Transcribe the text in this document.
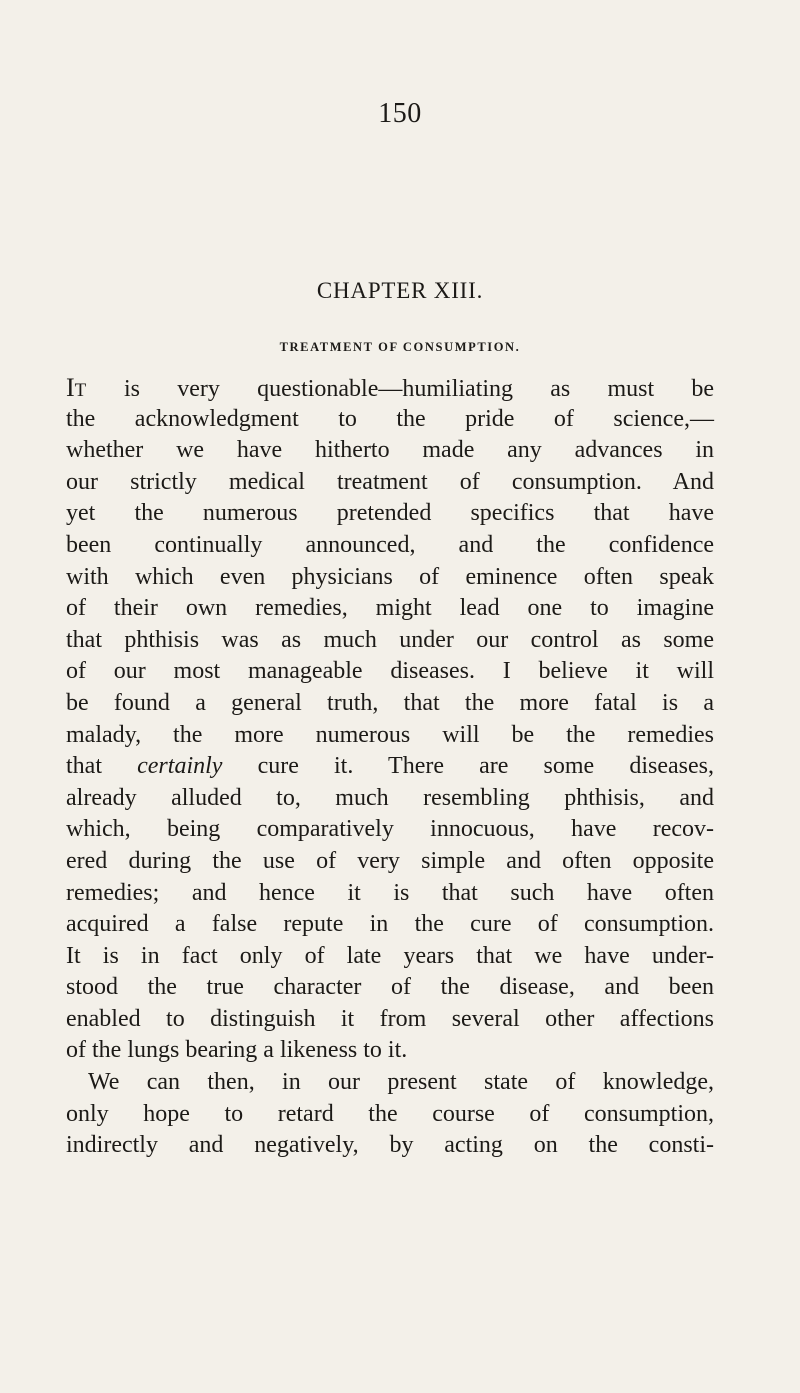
150
CHAPTER XIII.
TREATMENT OF CONSUMPTION.
IT is very questionable—humiliating as must be
the acknowledgment to the pride of science,—
whether we have hitherto made any advances in
our strictly medical treatment of consumption. And
yet the numerous pretended specifics that have
been continually announced, and the confidence
with which even physicians of eminence often speak
of their own remedies, might lead one to imagine
that phthisis was as much under our control as some
of our most manageable diseases. I believe it will
be found a general truth, that the more fatal is a
malady, the more numerous will be the remedies
that certainly cure it. There are some diseases,
already alluded to, much resembling phthisis, and
which, being comparatively innocuous, have recov-
ered during the use of very simple and often opposite
remedies; and hence it is that such have often
acquired a false repute in the cure of consumption.
It is in fact only of late years that we have under-
stood the true character of the disease, and been
enabled to distinguish it from several other affections
of the lungs bearing a likeness to it.
We can then, in our present state of knowledge,
only hope to retard the course of consumption,
indirectly and negatively, by acting on the consti-
